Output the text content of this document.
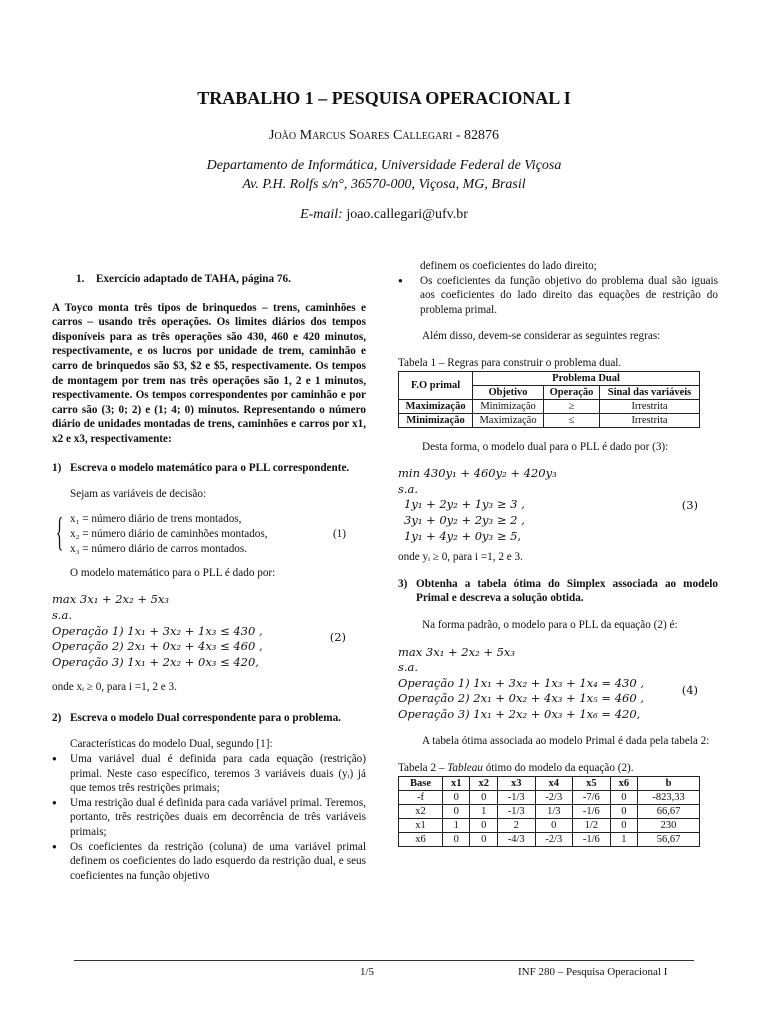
TRABALHO 1 – PESQUISA OPERACIONAL I
João Marcus Soares Callegari - 82876
Departamento de Informática, Universidade Federal de Viçosa
Av. P.H. Rolfs s/n°, 36570-000, Viçosa, MG, Brasil
E-mail: joao.callegari@ufv.br
1.	Exercício adaptado de TAHA, página 76.

A Toyco monta três tipos de brinquedos – trens, caminhões e carros – usando três operações. Os limites diários dos tempos disponíveis para as três operações são 430, 460 e 420 minutos, respectivamente, e os lucros por unidade de trem, caminhão e carro de brinquedos são $3, $2 e $5, respectivamente. Os tempos de montagem por trem nas três operações são 1, 2 e 1 minutos, respectivamente. Os tempos correspondentes por caminhão e por carro são (3; 0; 2) e (1; 4; 0) minutos. Representando o número diário de unidades montadas de trens, caminhões e carros por x1, x2 e x3, respectivamente:

1) Escreva o modelo matemático para o PLL correspondente.

Sejam as variáveis de decisão:

{ x₁ = número diário de trens montados,
x₂ = número diário de caminhões montados,
x₃ = número diário de carros montados.
(1)

O modelo matemático para o PLL é dado por:

max 3x₁ + 2x₂ + 5x₃
s.a.
Operação 1) 1x₁ + 3x₂ + 1x₃ ≤ 430 ,
Operação 2) 2x₁ + 0x₂ + 4x₃ ≤ 460 ,
Operação 3) 1x₁ + 2x₂ + 0x₃ ≤ 420,
(2)

onde xᵢ ≥ 0, para i =1, 2 e 3.

2) Escreva o modelo Dual correspondente para o problema.

Características do modelo Dual, segundo [1]:

● Uma variável dual é definida para cada equação (restrição) primal. Neste caso específico, teremos 3 variáveis duais (yᵢ) já que temos três restrições primais;

● Uma restrição dual é definida para cada variável primal. Teremos, portanto, três restrições duais em decorrência de três variáveis primais;

● Os coeficientes da restrição (coluna) de uma variável primal definem os coeficientes do lado esquerdo da restrição dual, e seus coeficientes na função objetivo

definem os coeficientes do lado direito;

● Os coeficientes da função objetivo do problema dual são iguais aos coeficientes do lado direito das equações de restrição do problema primal.

Além disso, devem-se considerar as seguintes regras:

Tabela 1 – Regras para construir o problema dual.

F.O primal	Problema Dual		
	Objetivo	Operação	Sinal das variáveis
Maximização	Minimização	≥	Irrestrita
Minimização	Maximização	≤	Irrestrita

Desta forma, o modelo dual para o PLL é dado por (3):

min 430y₁ + 460y₂ + 420y₃
s.a.
1y₁ + 2y₂ + 1y₃ ≥ 3 ,
3y₁ + 0y₂ + 2y₃ ≥ 2 ,
1y₁ + 4y₂ + 0y₃ ≥ 5,
(3)

onde yᵢ ≥ 0, para i =1, 2 e 3.

3) Obtenha a tabela ótima do Simplex associada ao modelo Primal e descreva a solução obtida.

Na forma padrão, o modelo para o PLL da equação (2) é:

max 3x₁ + 2x₂ + 5x₃
s.a.
Operação 1) 1x₁ + 3x₂ + 1x₃ + 1x₄ = 430 ,
Operação 2) 2x₁ + 0x₂ + 4x₃ + 1x₅ = 460 ,
Operação 3) 1x₁ + 2x₂ + 0x₃ + 1x₆ = 420,
(4)

A tabela ótima associada ao modelo Primal é dada pela tabela 2:

Tabela 2 – Tableau ótimo do modelo da equação (2).

Base	x1	x2	x3	x4	x5	x6	b
-f	0	0	-1/3	-2/3	-7/6	0	-823,33
x2	0	1	-1/3	1/3	-1/6	0	66,67
x1	1	0	2	0	1/2	0	230
x6	0	0	-4/3	-2/3	-1/6	1	56,67
1/5	INF 280 – Pesquisa Operacional I
